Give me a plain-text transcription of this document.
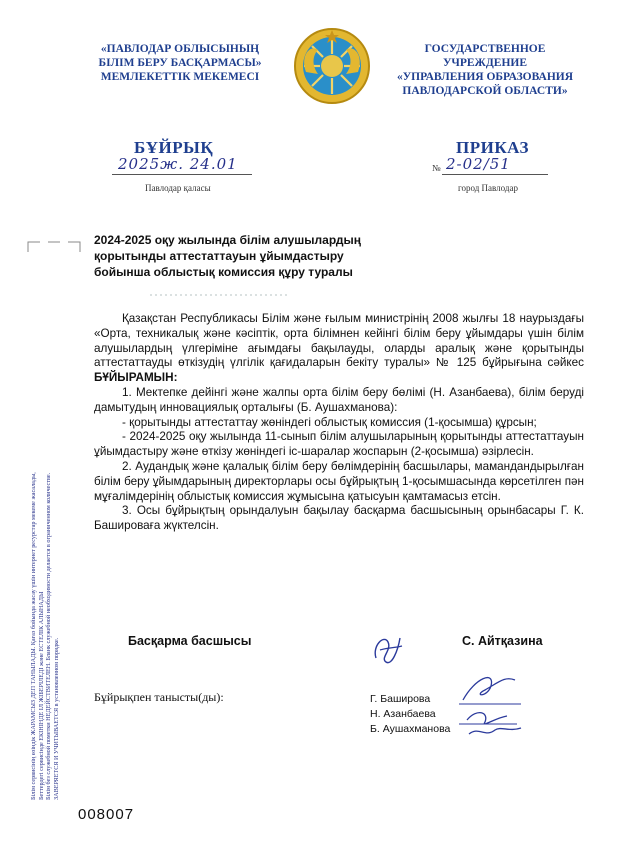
«ПАВЛОДАР ОБЛЫСЫНЫҢ
БІЛІМ БЕРУ БАСҚАРМАСЫ»
МЕМЛЕКЕТТІК МЕКЕМЕСІ
ГОСУДАРСТВЕННОЕ УЧРЕЖДЕНИЕ
«УПРАВЛЕНИЯ ОБРАЗОВАНИЯ
ПАВЛОДАРСКОЙ ОБЛАСТИ»
БҰЙРЫҚ	ПРИКАЗ
2025ж. 24.01	№ 2-02/51
Павлодар қаласы	город Павлодар
2024-2025 оқу жылында білім алушылардың
қорытынды аттестаттауын ұйымдастыру
бойынша облыстық комиссия құру туралы

Қазақстан Республикасы Білім және ғылым министрінің 2008 жылғы 18 наурыздағы «Орта, техникалық және кәсіптік, орта білімнен кейінгі білім беру ұйымдары үшін білім алушылардың үлгеріміне ағымдағы бақылауды, оларды аралық және қорытынды аттестаттауды өткізудің үлгілік қағидаларын бекіту туралы» № 125 бұйрығына сәйкес БҰЙЫРАМЫН:

1. Мектепке дейінгі және жалпы орта білім беру бөлімі (Н. Азанбаева), білім беруді дамытудың инновациялық орталығы (Б. Аушахманова):

- қорытынды аттестаттау жөніндегі облыстық комиссия (1-қосымша) құрсын;

- 2024-2025 оқу жылында 11-сынып білім алушыларының қорытынды аттестаттауын ұйымдастыру және өткізу жөніндегі іс-шаралар жоспарын (2-қосымша) әзірлесін.

2. Аудандық және қалалық білім беру бөлімдерінің басшылары, мамандандырылған білім беру ұйымдарының директорлары осы бұйрықтың 1-қосымшасында көрсетілген пән мұғалімдерінің облыстық комиссия жұмысына қатысуын қамтамасыз етсін.

3. Осы бұйрықтың орындалуын бақылау басқарма басшысының орынбасары Г. К. Башироваға жүктелсін.

Білім сервисінің өзіндік ЖАРАМСЫЗ ДЕП ТАНЫЛАДЫ. Қағаз бойында жасау үшін интернет ресурстар мекеме жасалады, Беттердегі сервисінде ЕКІНІНДЕ ІЛ ЖІБЕРІЛЕДІ және ЕСТЕЛІК АЛЫНАДЫ Білім без служебной пометки НЕДЕЙСТВИТЕЛЕН. Бланк служебной необходимости делается в ограниченном количестве. ЗАВЕРЯЕТСЯ И УЧИТЫВАЕТСЯ в установленном порядке.	Басқарма басшысы	С. Айтқазина
Бұйрықпен танысты(ды):	Г. Баширова
Н. Азанбаева
Б. Аушахманова
008007
